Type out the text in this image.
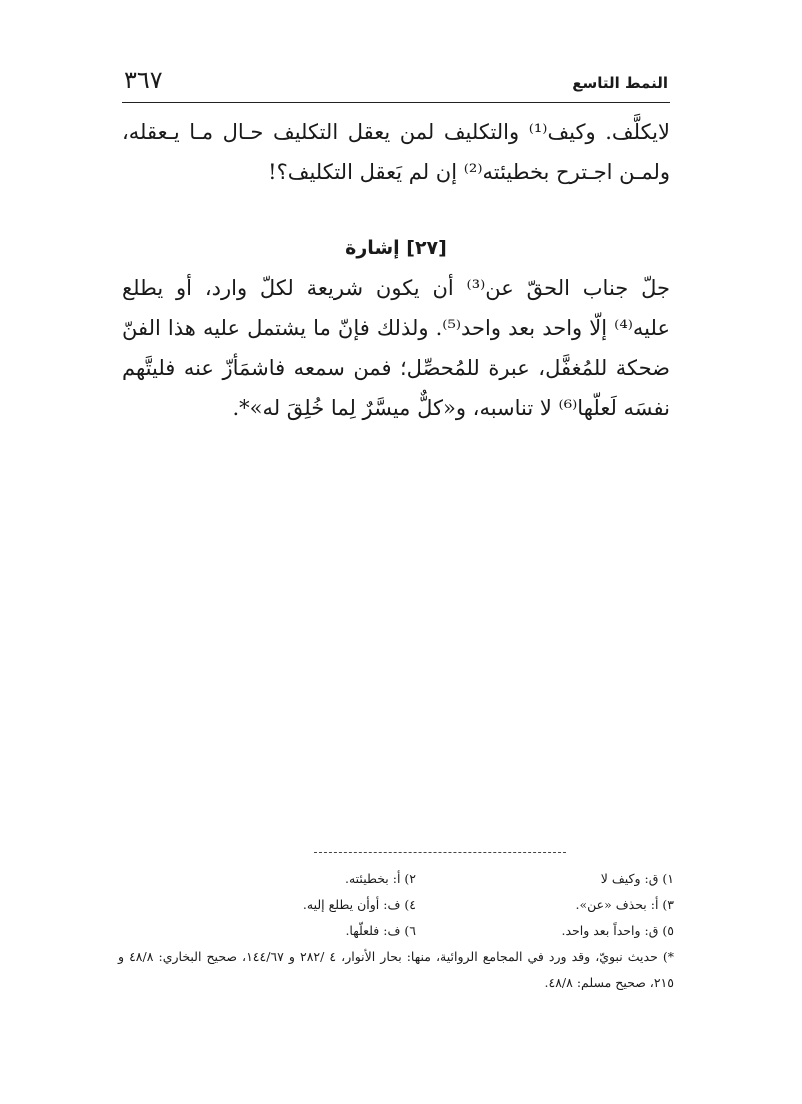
النمط التاسع
٣٦٧

لايكلَّف. وكيف⁽¹⁾ والتكليف لمن يعقل التكليف حـال مـا يـعقله، ولمـن اجـترح بخطيئته⁽²⁾ إن لم يَعقل التكليف؟!

[٢٧] إشارة

جلّ جناب الحقّ عن⁽³⁾ أن يكون شريعة لكلّ وارد، أو يطلع عليه⁽⁴⁾ إلّا واحد بعد واحد⁽⁵⁾. ولذلك فإنّ ما يشتمل عليه هذا الفنّ ضحكة للمُغفَّل، عبرة للمُحصِّل؛ فمن سمعه فاشمَأزّ عنه فليتَّهم نفسَه لَعلّها⁽⁶⁾ لا تناسبه، و«كلٌّ ميسَّرٌ لِما خُلِقَ له»*.

١) ق: وكيف لا
٢) أ: بخطيئته.
٣) أ: بحذف «عن».
٤) ف: أوأن يطلع إليه.
٥) ق: واحداً بعد واحد.
٦) ف: فلعلّها.
*) حديث نبويّ، وقد ورد في المجامع الروائية، منها: بحار الأنوار، ٤ /٢٨٢ و ١٤٤/٦٧، صحيح البخاري: ٤٨/٨ و ٢١٥، صحيح مسلم: ٤٨/٨.
